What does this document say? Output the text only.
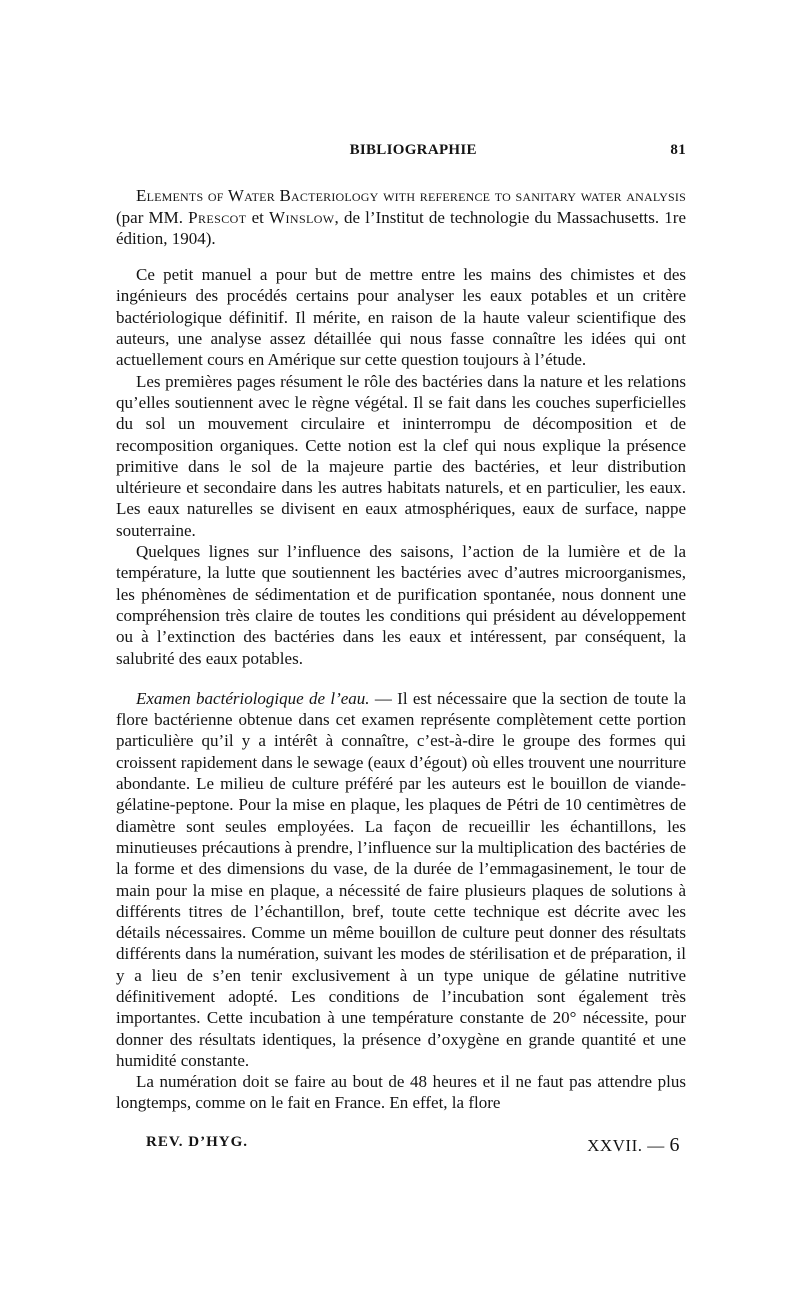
BIBLIOGRAPHIE	81

Elements of Water Bacteriology with reference to sanitary water analysis (par MM. Prescot et Winslow, de l’Institut de technologie du Massachusetts. 1re édition, 1904).

Ce petit manuel a pour but de mettre entre les mains des chimistes et des ingénieurs des procédés certains pour analyser les eaux potables et un critère bactériologique définitif. Il mérite, en raison de la haute valeur scientifique des auteurs, une analyse assez détaillée qui nous fasse connaître les idées qui ont actuellement cours en Amérique sur cette question toujours à l’étude.

Les premières pages résument le rôle des bactéries dans la nature et les relations qu’elles soutiennent avec le règne végétal. Il se fait dans les couches superficielles du sol un mouvement circulaire et ininterrompu de décomposition et de recomposition organiques. Cette notion est la clef qui nous explique la présence primitive dans le sol de la majeure partie des bactéries, et leur distribution ultérieure et secondaire dans les autres habitats naturels, et en particulier, les eaux. Les eaux naturelles se divisent en eaux atmosphériques, eaux de surface, nappe souterraine.

Quelques lignes sur l’influence des saisons, l’action de la lumière et de la température, la lutte que soutiennent les bactéries avec d’autres microorganismes, les phénomènes de sédimentation et de purification spontanée, nous donnent une compréhension très claire de toutes les conditions qui président au développement ou à l’extinction des bactéries dans les eaux et intéressent, par conséquent, la salubrité des eaux potables.

Examen bactériologique de l’eau. — Il est nécessaire que la section de toute la flore bactérienne obtenue dans cet examen représente complètement cette portion particulière qu’il y a intérêt à connaître, c’est-à-dire le groupe des formes qui croissent rapidement dans le sewage (eaux d’égout) où elles trouvent une nourriture abondante. Le milieu de culture préféré par les auteurs est le bouillon de viande-gélatine-peptone. Pour la mise en plaque, les plaques de Pétri de 10 centimètres de diamètre sont seules employées. La façon de recueillir les échantillons, les minutieuses précautions à prendre, l’influence sur la multiplication des bactéries de la forme et des dimensions du vase, de la durée de l’emmagasinement, le tour de main pour la mise en plaque, a nécessité de faire plusieurs plaques de solutions à différents titres de l’échantillon, bref, toute cette technique est décrite avec les détails nécessaires. Comme un même bouillon de culture peut donner des résultats différents dans la numération, suivant les modes de stérilisation et de préparation, il y a lieu de s’en tenir exclusivement à un type unique de gélatine nutritive définitivement adopté. Les conditions de l’incubation sont également très importantes. Cette incubation à une température constante de 20° nécessite, pour donner des résultats identiques, la présence d’oxygène en grande quantité et une humidité constante.

La numération doit se faire au bout de 48 heures et il ne faut pas attendre plus longtemps, comme on le fait en France. En effet, la flore

REV. D’HYG.	XXVII. — 6
